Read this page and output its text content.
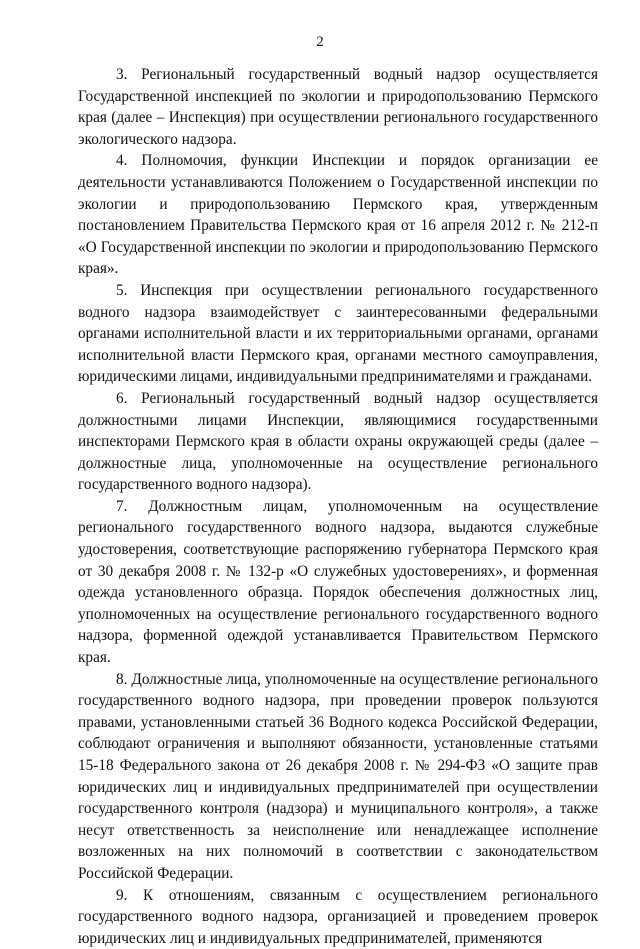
2

3. Региональный государственный водный надзор осуществляется Государственной инспекцией по экологии и природопользованию Пермского края (далее – Инспекция) при осуществлении регионального государственного экологического надзора.

4. Полномочия, функции Инспекции и порядок организации ее деятельности устанавливаются Положением о Государственной инспекции по экологии и природопользованию Пермского края, утвержденным постановлением Правительства Пермского края от 16 апреля 2012 г. № 212-п «О Государственной инспекции по экологии и природопользованию Пермского края».

5. Инспекция при осуществлении регионального государственного водного надзора взаимодействует с заинтересованными федеральными органами исполнительной власти и их территориальными органами, органами исполнительной власти Пермского края, органами местного самоуправления, юридическими лицами, индивидуальными предпринимателями и гражданами.

6. Региональный государственный водный надзор осуществляется должностными лицами Инспекции, являющимися государственными инспекторами Пермского края в области охраны окружающей среды (далее – должностные лица, уполномоченные на осуществление регионального государственного водного надзора).

7. Должностным лицам, уполномоченным на осуществление регионального государственного водного надзора, выдаются служебные удостоверения, соответствующие распоряжению губернатора Пермского края от 30 декабря 2008 г. № 132-р «О служебных удостоверениях», и форменная одежда установленного образца. Порядок обеспечения должностных лиц, уполномоченных на осуществление регионального государственного водного надзора, форменной одеждой устанавливается Правительством Пермского края.

8. Должностные лица, уполномоченные на осуществление регионального государственного водного надзора, при проведении проверок пользуются правами, установленными статьей 36 Водного кодекса Российской Федерации, соблюдают ограничения и выполняют обязанности, установленные статьями 15-18 Федерального закона от 26 декабря 2008 г. № 294-ФЗ «О защите прав юридических лиц и индивидуальных предпринимателей при осуществлении государственного контроля (надзора) и муниципального контроля», а также несут ответственность за неисполнение или ненадлежащее исполнение возложенных на них полномочий в соответствии с законодательством Российской Федерации.

9. К отношениям, связанным с осуществлением регионального государственного водного надзора, организацией и проведением проверок юридических лиц и индивидуальных предпринимателей, применяются
